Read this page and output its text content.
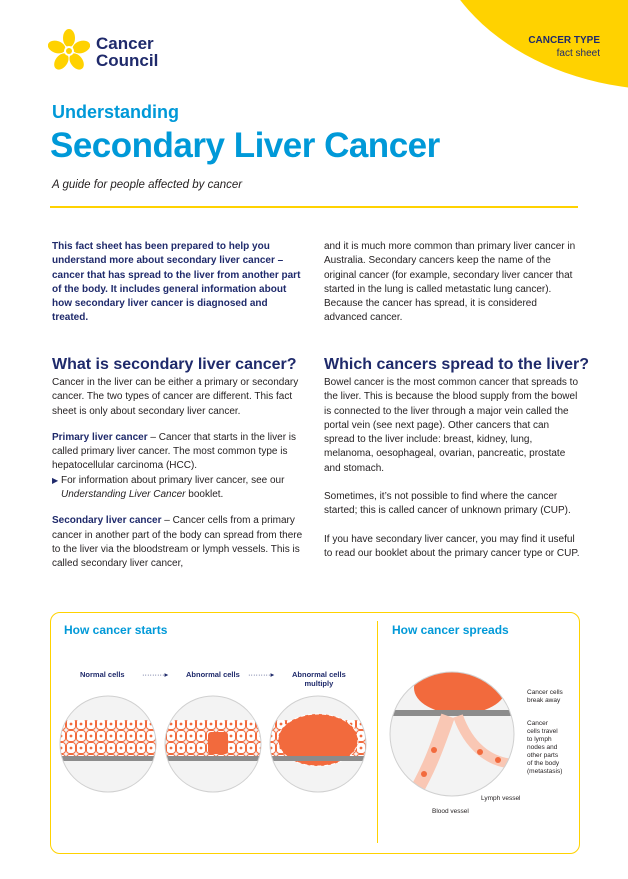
CANCER TYPE
fact sheet
Cancer
Council
Understanding
Secondary Liver Cancer
A guide for people affected by cancer
This fact sheet has been prepared to help you understand more about secondary liver cancer – cancer that has spread to the liver from another part of the body. It includes general information about how secondary liver cancer is diagnosed and treated.
and it is much more common than primary liver cancer in Australia. Secondary cancers keep the name of the original cancer (for example, secondary liver cancer that started in the lung is called metastatic lung cancer). Because the cancer has spread, it is considered advanced cancer.
What is secondary liver cancer? Which cancers spread to the liver?

Cancer in the liver can be either a primary or secondary cancer. The two types of cancer are different. This fact sheet is only about secondary liver cancer.

Primary liver cancer – Cancer that starts in the liver is called primary liver cancer. The most common type is hepatocellular carcinoma (HCC).

▶ For information about primary liver cancer, see our Understanding Liver Cancer booklet.

Secondary liver cancer – Cancer cells from a primary cancer in another part of the body can spread from there to the liver via the bloodstream or lymph vessels. This is called secondary liver cancer,

Bowel cancer is the most common cancer that spreads to the liver. This is because the blood supply from the bowel is connected to the liver through a major vein called the portal vein (see next page). Other cancers that can spread to the liver include: breast, kidney, lung, melanoma, oesophageal, ovarian, pancreatic, prostate and stomach.

Sometimes, it’s not possible to find where the cancer started; this is called cancer of unknown primary (CUP).

If you have secondary liver cancer, you may find it useful to read our booklet about the primary cancer type or CUP.

How cancer starts	How cancer spreads
Normal cells ·········▸ Abnormal cells ·········▸ Abnormal cells
multiply
Cancer cells
break away
Cancer
cells travel
to lymph
nodes and
other parts
of the body
(metastasis)
Lymph vessel
Blood vessel
